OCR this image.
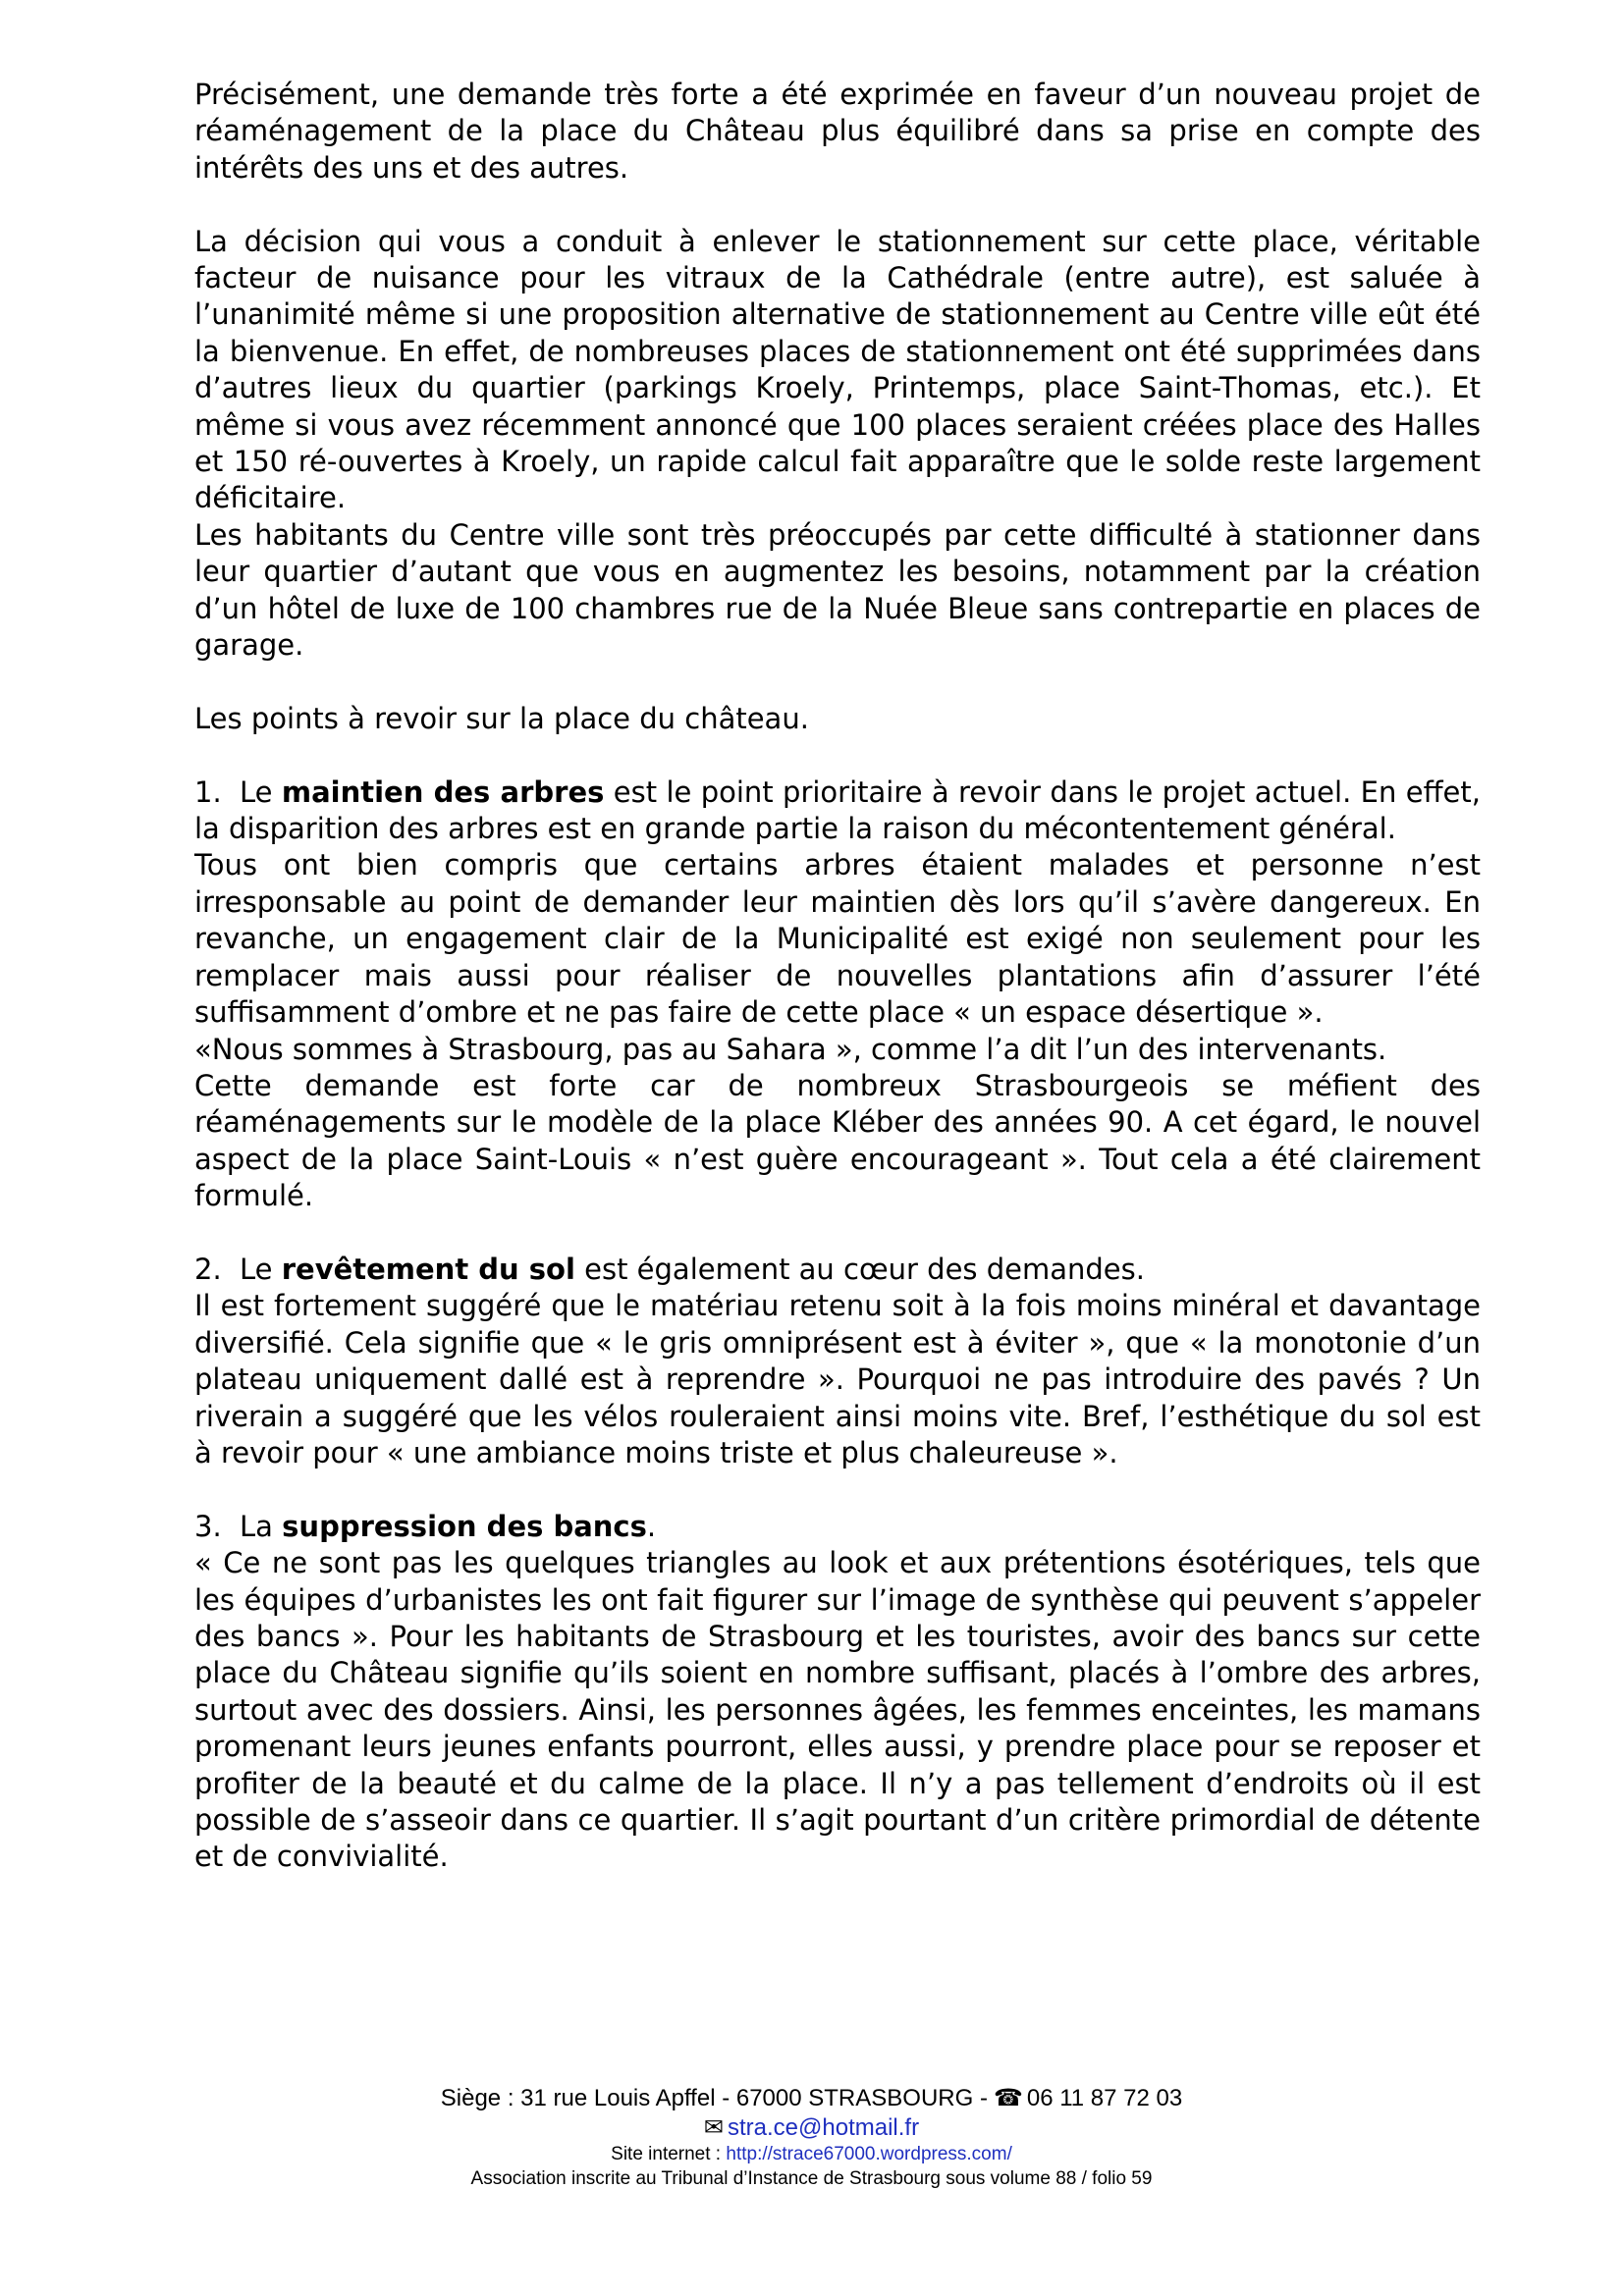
Précisément, une demande très forte a été exprimée en faveur d’un nouveau projet de réaménagement de la place du Château plus équilibré dans sa prise en compte des intérêts des uns et des autres.

La décision qui vous a conduit à enlever le stationnement sur cette place, véritable facteur de nuisance pour les vitraux de la Cathédrale (entre autre), est saluée à l’unanimité même si une proposition alternative de stationnement au Centre ville eût été la bienvenue. En effet, de nombreuses places de stationnement ont été supprimées dans d’autres lieux du quartier (parkings Kroely, Printemps, place Saint-Thomas, etc.). Et même si vous avez récemment annoncé que 100 places seraient créées place des Halles et 150 ré-ouvertes à Kroely, un rapide calcul fait apparaître que le solde reste largement déficitaire.

Les habitants du Centre ville sont très préoccupés par cette difficulté à stationner dans leur quartier d’autant que vous en augmentez les besoins, notamment par la création d’un hôtel de luxe de 100 chambres rue de la Nuée Bleue sans contrepartie en places de garage.

Les points à revoir sur la place du château.

1. Le maintien des arbres est le point prioritaire à revoir dans le projet actuel. En effet, la disparition des arbres est en grande partie la raison du mécontentement général.

Tous ont bien compris que certains arbres étaient malades et personne n’est irresponsable au point de demander leur maintien dès lors qu’il s’avère dangereux. En revanche, un engagement clair de la Municipalité est exigé non seulement pour les remplacer mais aussi pour réaliser de nouvelles plantations afin d’assurer l’été suffisamment d’ombre et ne pas faire de cette place « un espace désertique ».

«Nous sommes à Strasbourg, pas au Sahara », comme l’a dit l’un des intervenants.

Cette demande est forte car de nombreux Strasbourgeois se méfient des réaménagements sur le modèle de la place Kléber des années 90. A cet égard, le nouvel aspect de la place Saint-Louis « n’est guère encourageant ». Tout cela a été clairement formulé.

2. Le revêtement du sol est également au cœur des demandes.

Il est fortement suggéré que le matériau retenu soit à la fois moins minéral et davantage diversifié. Cela signifie que « le gris omniprésent est à éviter », que « la monotonie d’un plateau uniquement dallé est à reprendre ». Pourquoi ne pas introduire des pavés ? Un riverain a suggéré que les vélos rouleraient ainsi moins vite. Bref, l’esthétique du sol est à revoir pour « une ambiance moins triste et plus chaleureuse ».

3. La suppression des bancs.

« Ce ne sont pas les quelques triangles au look et aux prétentions ésotériques, tels que les équipes d’urbanistes les ont fait figurer sur l’image de synthèse qui peuvent s’appeler des bancs ». Pour les habitants de Strasbourg et les touristes, avoir des bancs sur cette place du Château signifie qu’ils soient en nombre suffisant, placés à l’ombre des arbres, surtout avec des dossiers. Ainsi, les personnes âgées, les femmes enceintes, les mamans promenant leurs jeunes enfants pourront, elles aussi, y prendre place pour se reposer et profiter de la beauté et du calme de la place. Il n’y a pas tellement d’endroits où il est possible de s’asseoir dans ce quartier. Il s’agit pourtant d’un critère primordial de détente et de convivialité.

Siège : 31 rue Louis Apffel - 67000 STRASBOURG - ☎ 06 11 87 72 03
✉ stra.ce@hotmail.fr
Site internet : http://strace67000.wordpress.com/
Association inscrite au Tribunal d’Instance de Strasbourg sous volume 88 / folio 59
